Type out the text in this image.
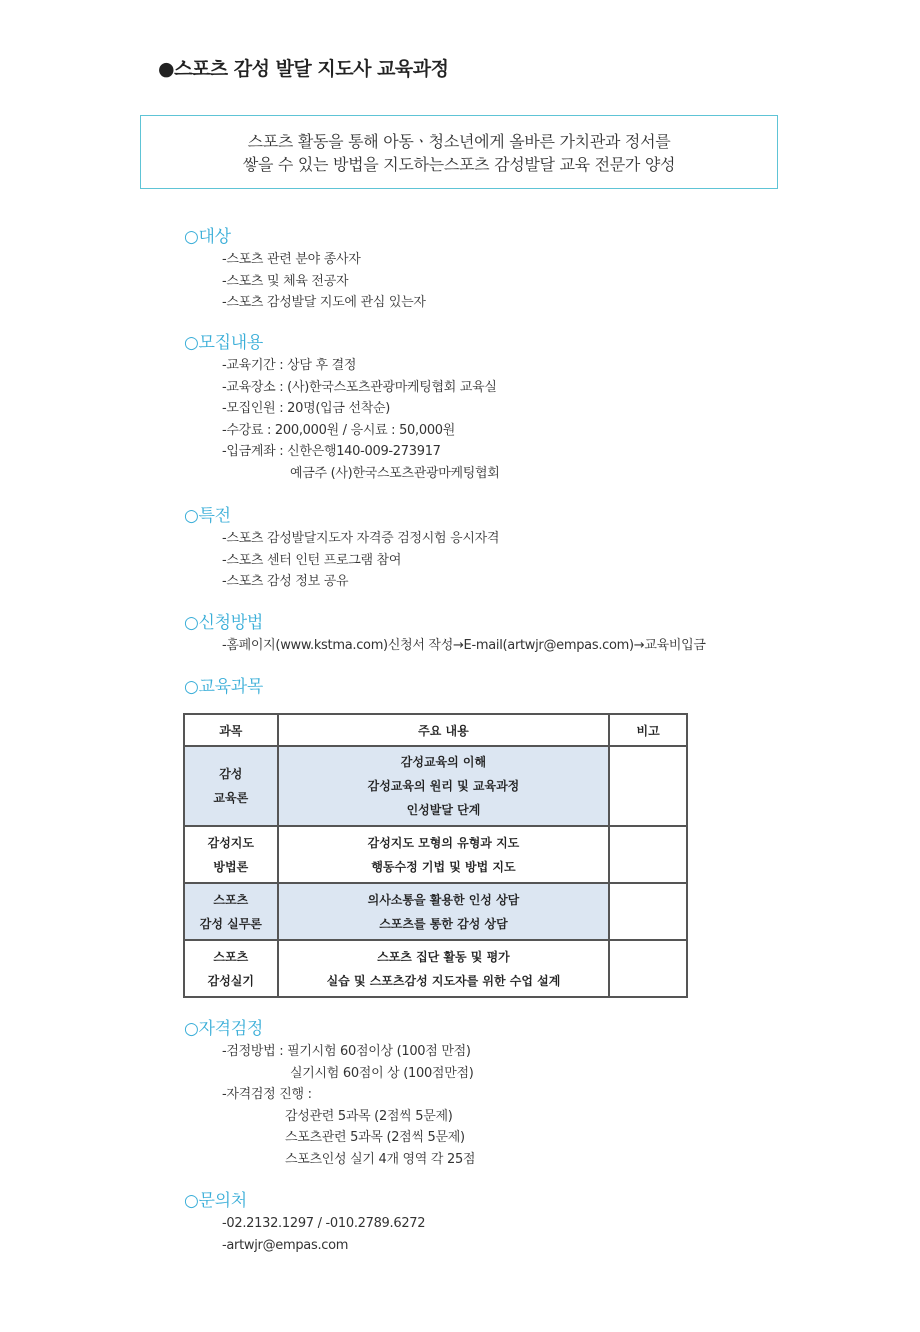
●스포츠 감성 발달 지도사 교육과정
스포츠 활동을 통해 아동ㆍ청소년에게 올바른 가치관과 정서를
쌓을 수 있는 방법을 지도하는스포츠 감성발달 교육 전문가 양성
○대상
-스포츠 관련 분야 종사자
-스포츠 및 체육 전공자
-스포츠 감성발달 지도에 관심 있는자
○모집내용
-교육기간 : 상담 후 결정
-교육장소 : (사)한국스포츠관광마케팅협회 교육실
-모집인원 : 20명(입금 선착순)
-수강료 : 200,000원 / 응시료 : 50,000원
-입금계좌 : 신한은행140-009-273917
예금주 (사)한국스포츠관광마케팅협회
○특전
-스포츠 감성발달지도자 자격증 검정시험 응시자격
-스포츠 센터 인턴 프로그램 참여
-스포츠 감성 정보 공유
○신청방법
-홈페이지(www.kstma.com)신청서 작성→E-mail(artwjr@empas.com)→교육비입금
○교육과목
과목	주요 내용	비고

감성
교육론	감성교육의 이해
감성교육의 원리 및 교육과정
인성발달 단계	

감성지도
방법론	감성지도 모형의 유형과 지도
행동수정 기법 및 방법 지도	

스포츠
감성 실무론	의사소통을 활용한 인성 상담
스포츠를 통한 감성 상담	

스포츠
감성실기	스포츠 집단 활동 및 평가
실습 및 스포츠감성 지도자를 위한 수업 설계	

○자격검정
-검정방법 : 필기시험 60점이상 (100점 만점)
실기시험 60점이 상 (100점만점)
-자격검정 진행 :
감성관련 5과목 (2점씩 5문제)
스포츠관련 5과목 (2점씩 5문제)
스포츠인성 실기 4개 영역 각 25점
○문의처
-02.2132.1297 / -010.2789.6272
-artwjr@empas.com
